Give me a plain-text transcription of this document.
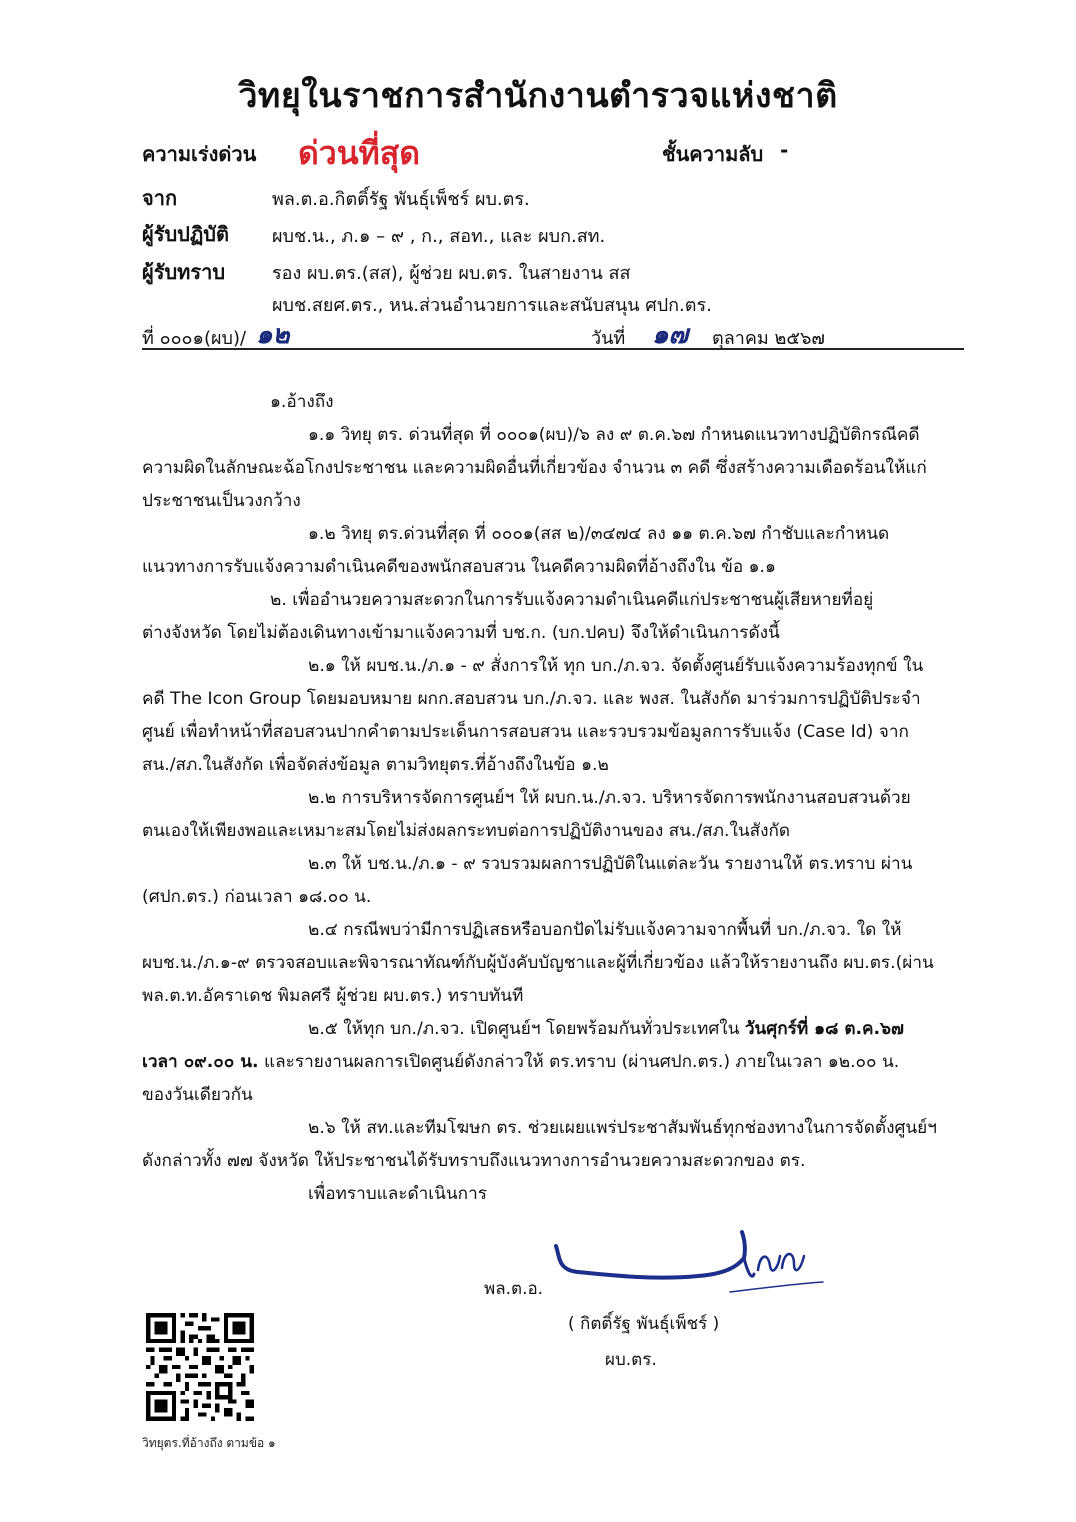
วิทยุในราชการสำนักงานตำรวจแห่งชาติ
ความเร่งด่วน ด่วนที่สุด	ชั้นความลับ -
จาก	พล.ต.อ.กิตติ์รัฐ พันธุ์เพ็ชร์ ผบ.ตร.
ผู้รับปฏิบัติ ผบช.น., ภ.๑ – ๙ , ก., สอท., และ ผบก.สท.
ผู้รับทราบ	รอง ผบ.ตร.(สส), ผู้ช่วย ผบ.ตร. ในสายงาน สส
ผบช.สยศ.ตร., หน.ส่วนอำนวยการและสนับสนุน ศปก.ตร.
ที่ ๐๐๐๑(ผบ)/ ๑๒	วันที่ ๑๗ ตุลาคม ๒๕๖๗
๑.อ้างถึง
๑.๑ วิทยุ ตร. ด่วนที่สุด ที่ ๐๐๐๑(ผบ)/๖ ลง ๙ ต.ค.๖๗ กำหนดแนวทางปฏิบัติกรณีคดี
ความผิดในลักษณะฉ้อโกงประชาชน และความผิดอื่นที่เกี่ยวข้อง จำนวน ๓ คดี ซึ่งสร้างความเดือดร้อนให้แก่
ประชาชนเป็นวงกว้าง
๑.๒ วิทยุ ตร.ด่วนที่สุด ที่ ๐๐๐๑(สส ๒)/๓๔๗๔ ลง ๑๑ ต.ค.๖๗ กำชับและกำหนด
แนวทางการรับแจ้งความดำเนินคดีของพนักสอบสวน ในคดีความผิดที่อ้างถึงใน ข้อ ๑.๑
๒. เพื่ออำนวยความสะดวกในการรับแจ้งความดำเนินคดีแก่ประชาชนผู้เสียหายที่อยู่
ต่างจังหวัด โดยไม่ต้องเดินทางเข้ามาแจ้งความที่ บช.ก. (บก.ปคบ) จึงให้ดำเนินการดังนี้
๒.๑ ให้ ผบช.น./ภ.๑ - ๙ สั่งการให้ ทุก บก./ภ.จว. จัดตั้งศูนย์รับแจ้งความร้องทุกข์ ใน
คดี The Icon Group โดยมอบหมาย ผกก.สอบสวน บก./ภ.จว. และ พงส. ในสังกัด มาร่วมการปฏิบัติประจำ
ศูนย์ เพื่อทำหน้าที่สอบสวนปากคำตามประเด็นการสอบสวน และรวบรวมข้อมูลการรับแจ้ง (Case Id) จาก
สน./สภ.ในสังกัด เพื่อจัดส่งข้อมูล ตามวิทยุตร.ที่อ้างถึงในข้อ ๑.๒
๒.๒ การบริหารจัดการศูนย์ฯ ให้ ผบก.น./ภ.จว. บริหารจัดการพนักงานสอบสวนด้วย
ตนเองให้เพียงพอและเหมาะสมโดยไม่ส่งผลกระทบต่อการปฏิบัติงานของ สน./สภ.ในสังกัด
๒.๓ ให้ บช.น./ภ.๑ - ๙ รวบรวมผลการปฏิบัติในแต่ละวัน รายงานให้ ตร.ทราบ ผ่าน
(ศปก.ตร.) ก่อนเวลา ๑๘.๐๐ น.
๒.๔ กรณีพบว่ามีการปฏิเสธหรือบอกปัดไม่รับแจ้งความจากพื้นที่ บก./ภ.จว. ใด ให้
ผบช.น./ภ.๑-๙ ตรวจสอบและพิจารณาทัณฑ์กับผู้บังคับบัญชาและผู้ที่เกี่ยวข้อง แล้วให้รายงานถึง ผบ.ตร.(ผ่าน
พล.ต.ท.อัคราเดช พิมลศรี ผู้ช่วย ผบ.ตร.) ทราบทันที
๒.๕ ให้ทุก บก./ภ.จว. เปิดศูนย์ฯ โดยพร้อมกันทั่วประเทศใน วันศุกร์ที่ ๑๘ ต.ค.๖๗
เวลา ๐๙.๐๐ น. และรายงานผลการเปิดศูนย์ดังกล่าวให้ ตร.ทราบ (ผ่านศปก.ตร.) ภายในเวลา ๑๒.๐๐ น.
ของวันเดียวกัน
๒.๖ ให้ สท.และทีมโฆษก ตร. ช่วยเผยแพร่ประชาสัมพันธ์ทุกช่องทางในการจัดตั้งศูนย์ฯ
ดังกล่าวทั้ง ๗๗ จังหวัด ให้ประชาชนได้รับทราบถึงแนวทางการอำนวยความสะดวกของ ตร.
เพื่อทราบและดำเนินการ
พล.ต.อ.
( กิตติ์รัฐ พันธุ์เพ็ชร์ )
ผบ.ตร.
วิทยุตร.ที่อ้างถึง ตามข้อ ๑
